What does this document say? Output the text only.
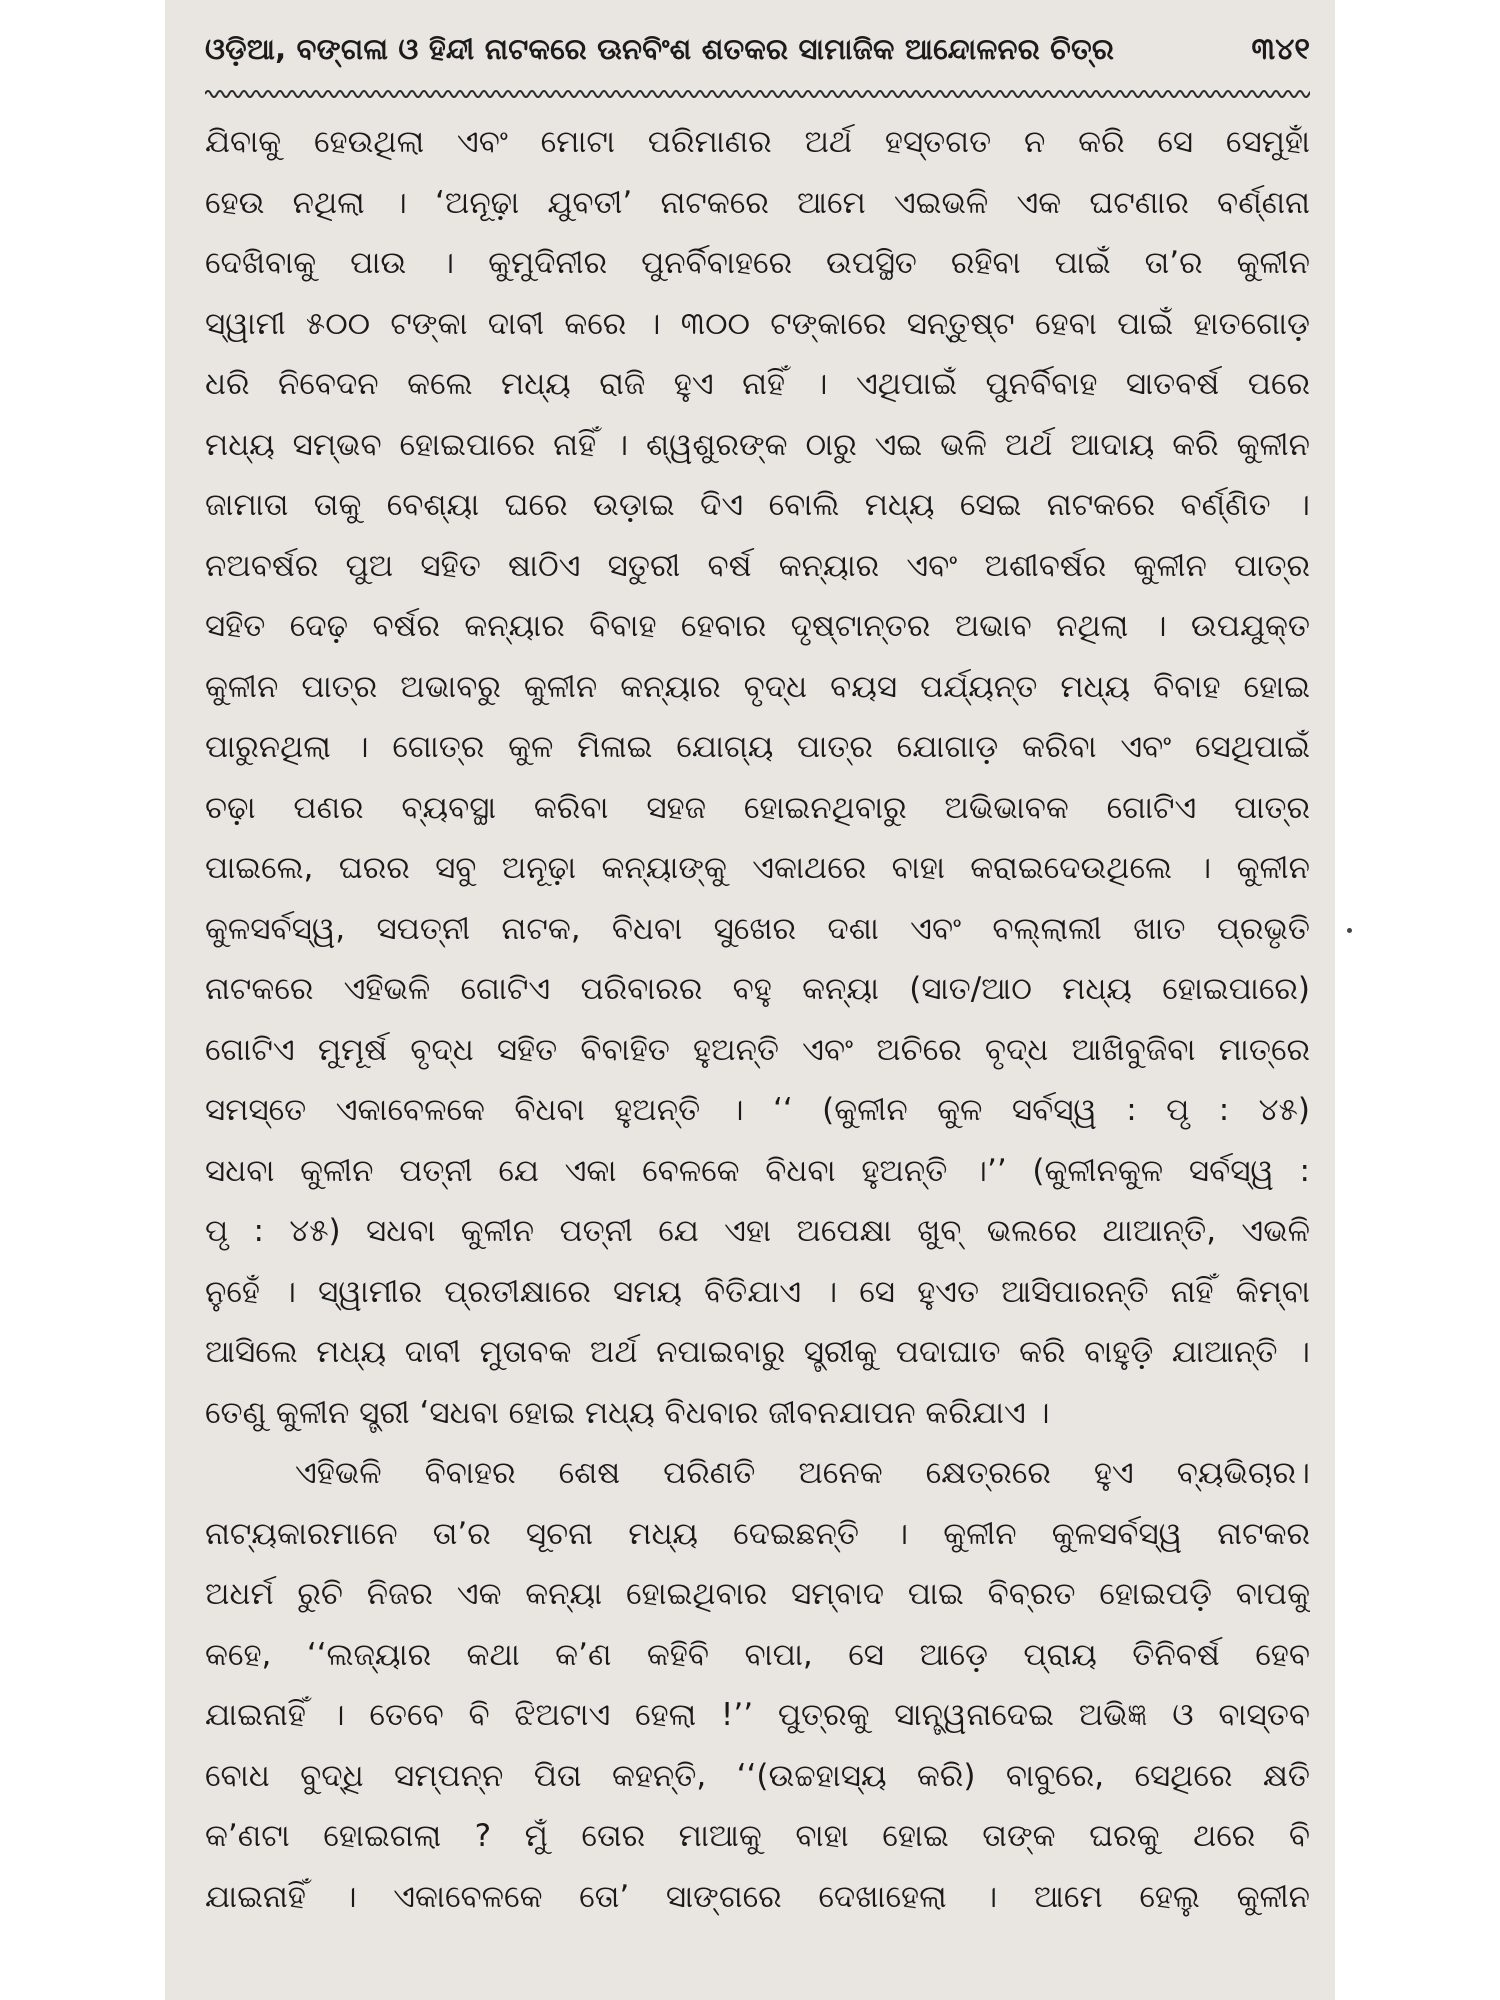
ଓଡ଼ିଆ, ବଙ୍ଗଳା ଓ ହିନ୍ଦୀ ନାଟକରେ ଊନବିଂଶ ଶତକର ସାମାଜିକ ଆନ୍ଦୋଳନର ଚିତ୍ର	୩୪୧
ଯିବାକୁ ହେଉଥିଲା ଏବଂ ମୋଟା ପରିମାଣର ଅର୍ଥ ହସ୍ତଗତ ନ କରି ସେ ସେମୁହାଁ
ହେଉ ନଥିଲା । ‘ଅନୂଢ଼ା ଯୁବତୀ’ ନାଟକରେ ଆମେ ଏଇଭଳି ଏକ ଘଟଣାର ବର୍ଣ୍ଣନା
ଦେଖିବାକୁ ପାଉ । କୁମୁଦିନୀର ପୁନର୍ବିବାହରେ ଉପସ୍ଥିତ ରହିବା ପାଇଁ ତା’ର କୁଳୀନ
ସ୍ୱାମୀ ୫୦୦ ଟଙ୍କା ଦାବୀ କରେ । ୩୦୦ ଟଙ୍କାରେ ସନ୍ତୁଷ୍ଟ ହେବା ପାଇଁ ହାତଗୋଡ଼
ଧରି ନିବେଦନ କଲେ ମଧ୍ୟ ରାଜି ହୁଏ ନାହିଁ । ଏଥିପାଇଁ ପୁନର୍ବିବାହ ସାତବର୍ଷ ପରେ
ମଧ୍ୟ ସମ୍ଭବ ହୋଇପାରେ ନାହିଁ । ଶ୍ୱଶୁରଙ୍କ ଠାରୁ ଏଇ ଭଳି ଅର୍ଥ ଆଦାୟ କରି କୁଳୀନ
ଜାମାତା ତାକୁ ବେଶ୍ୟା ଘରେ ଉଡ଼ାଇ ଦିଏ ବୋଲି ମଧ୍ୟ ସେଇ ନାଟକରେ ବର୍ଣ୍ଣିତ ।
ନଅବର୍ଷର ପୁଅ ସହିତ ଷାଠିଏ ସତୁରୀ ବର୍ଷ କନ୍ୟାର ଏବଂ ଅଶୀବର୍ଷର କୁଳୀନ ପାତ୍ର
ସହିତ ଦେଢ଼ ବର୍ଷର କନ୍ୟାର ବିବାହ ହେବାର ଦୃଷ୍ଟାନ୍ତର ଅଭାବ ନଥିଲା । ଉପଯୁକ୍ତ
କୁଳୀନ ପାତ୍ର ଅଭାବରୁ କୁଳୀନ କନ୍ୟାର ବୃଦ୍ଧ ବୟସ ପର୍ଯ୍ୟନ୍ତ ମଧ୍ୟ ବିବାହ ହୋଇ
ପାରୁନଥିଲା । ଗୋତ୍ର କୁଳ ମିଳାଇ ଯୋଗ୍ୟ ପାତ୍ର ଯୋଗାଡ଼ କରିବା ଏବଂ ସେଥିପାଇଁ
ଚଢ଼ା ପଣର ବ୍ୟବସ୍ଥା କରିବା ସହଜ ହୋଇନଥିବାରୁ ଅଭିଭାବକ ଗୋଟିଏ ପାତ୍ର
ପାଇଲେ, ଘରର ସବୁ ଅନୂଢ଼ା କନ୍ୟାଙ୍କୁ ଏକାଥରେ ବାହା କରାଇଦେଉଥିଲେ । କୁଳୀନ
କୁଳସର୍ବସ୍ୱ, ସପତ୍ନୀ ନାଟକ, ବିଧବା ସୁଖେର ଦଶା ଏବଂ ବଲ୍ଲାଲୀ ଖାତ ପ୍ରଭୃତି
ନାଟକରେ ଏହିଭଳି ଗୋଟିଏ ପରିବାରର ବହୁ କନ୍ୟା (ସାତ/ଆଠ ମଧ୍ୟ ହୋଇପାରେ)
ଗୋଟିଏ ମୁମୂର୍ଷ ବୃଦ୍ଧ ସହିତ ବିବାହିତ ହୁଅନ୍ତି ଏବଂ ଅଚିରେ ବୃଦ୍ଧ ଆଖିବୁଜିବା ମାତ୍ରେ
ସମସ୍ତେ ଏକାବେଳକେ ବିଧବା ହୁଅନ୍ତି । ‘‘ (କୁଳୀନ କୁଳ ସର୍ବସ୍ୱ : ପୃ : ୪୫)
ସଧବା କୁଳୀନ ପତ୍ନୀ ଯେ ଏକା ବେଳକେ ବିଧବା ହୁଅନ୍ତି ।’’ (କୁଳୀନକୁଳ ସର୍ବସ୍ୱ :
ପୃ : ୪୫) ସଧବା କୁଳୀନ ପତ୍ନୀ ଯେ ଏହା ଅପେକ୍ଷା ଖୁବ୍ ଭଲରେ ଥାଆନ୍ତି, ଏଭଳି
ନୁହେଁ । ସ୍ୱାମୀର ପ୍ରତୀକ୍ଷାରେ ସମୟ ବିତିଯାଏ । ସେ ହୁଏତ ଆସିପାରନ୍ତି ନାହିଁ କିମ୍ବା
ଆସିଲେ ମଧ୍ୟ ଦାବୀ ମୁତାବକ ଅର୍ଥ ନପାଇବାରୁ ସ୍ତ୍ରୀକୁ ପଦାଘାତ କରି ବାହୁଡ଼ି ଯାଆନ୍ତି ।
ତେଣୁ କୁଳୀନ ସ୍ତ୍ରୀ ‘ସଧବା ହୋଇ ମଧ୍ୟ ବିଧବାର ଜୀବନଯାପନ କରିଯାଏ ।
ଏହିଭଳି ବିବାହର ଶେଷ ପରିଣତି ଅନେକ କ୍ଷେତ୍ରରେ ହୁଏ ବ୍ୟଭିଚାର।
ନାଟ୍ୟକାରମାନେ ତା’ର ସୂଚନା ମଧ୍ୟ ଦେଇଛନ୍ତି । କୁଳୀନ କୁଳସର୍ବସ୍ୱ ନାଟକର
ଅଧର୍ମ ରୁଚି ନିଜର ଏକ କନ୍ୟା ହୋଇଥିବାର ସମ୍ବାଦ ପାଇ ବିବ୍ରତ ହୋଇପଡ଼ି ବାପକୁ
କହେ, ‘‘ଲଜ୍ୟାର କଥା କ’ଣ କହିବି ବାପା, ସେ ଆଡ଼େ ପ୍ରାୟ ତିନିବର୍ଷ ହେବ
ଯାଇନାହିଁ । ତେବେ ବି ଝିଅଟାଏ ହେଲା !’’ ପୁତ୍ରକୁ ସାନ୍ତ୍ୱନାଦେଇ ଅଭିଜ୍ଞ ଓ ବାସ୍ତବ
ବୋଧ ବୁଦ୍ଧି ସମ୍ପନ୍ନ ପିତା କହନ୍ତି, ‘‘(ଉଚ୍ଚହାସ୍ୟ କରି) ବାବୁରେ, ସେଥିରେ କ୍ଷତି
କ’ଣଟା ହୋଇଗଲା ? ମୁଁ ତୋର ମାଆକୁ ବାହା ହୋଇ ତାଙ୍କ ଘରକୁ ଥରେ ବି
ଯାଇନାହିଁ । ଏକାବେଳକେ ତୋ’ ସାଙ୍ଗରେ ଦେଖାହେଲା । ଆମେ ହେଲୁ କୁଳୀନ
